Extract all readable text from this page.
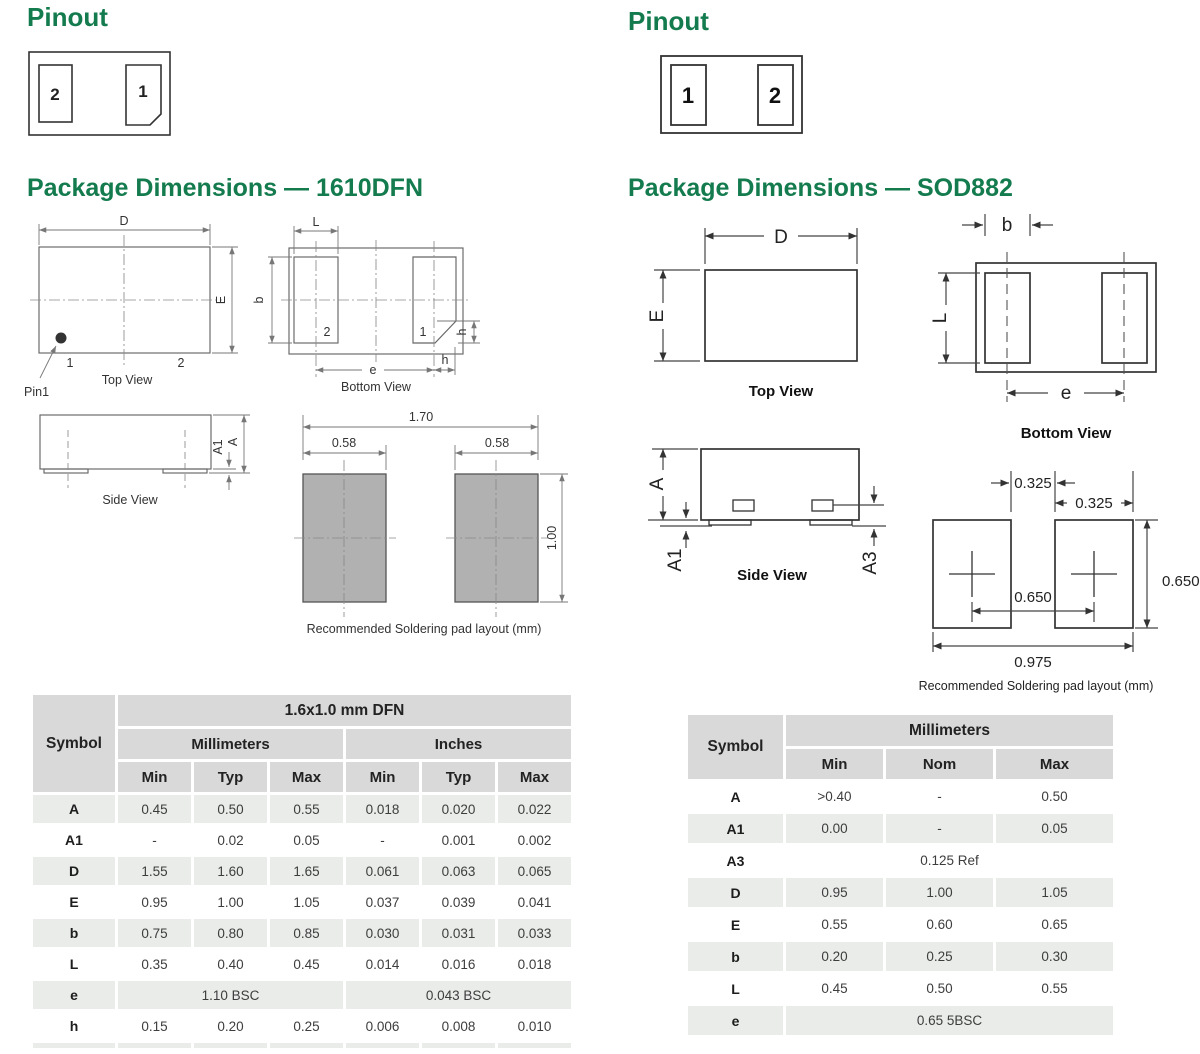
Pinout
2	1
Package Dimensions — 1610DFN
D
E
1	2
Top View
Pin1
L
b
e
h
h
2	1
Bottom View
A
A1
Side View
1.70
0.58	0.58
1.00
Recommended Soldering pad layout (mm)
Symbol	1.6x1.0 mm DFN					
	Millimeters			Inches		
	Min	Typ	Max	Min	Typ	Max
A	0.45	0.50	0.55	0.018	0.020	0.022
A1	-	0.02	0.05	-	0.001	0.002
D	1.55	1.60	1.65	0.061	0.063	0.065
E	0.95	1.00	1.05	0.037	0.039	0.041
b	0.75	0.80	0.85	0.030	0.031	0.033
L	0.35	0.40	0.45	0.014	0.016	0.018
e	1.10 BSC			0.043 BSC		
h	0.15	0.20	0.25	0.006	0.008	0.010

Pinout
1	2
Package Dimensions — SOD882
D
E
Top View
b
L
e
Bottom View
A
A1	A3
Side View
0.325
0.325
0.650
0.650
0.975
Recommended Soldering pad layout (mm)
Symbol	Millimeters		
	Min	Nom	Max
A	>0.40	-	0.50
A1	0.00	-	0.05
A3	0.125 Ref		
D	0.95	1.00	1.05
E	0.55	0.60	0.65
b	0.20	0.25	0.30
L	0.45	0.50	0.55
e	0.65 5BSC		
